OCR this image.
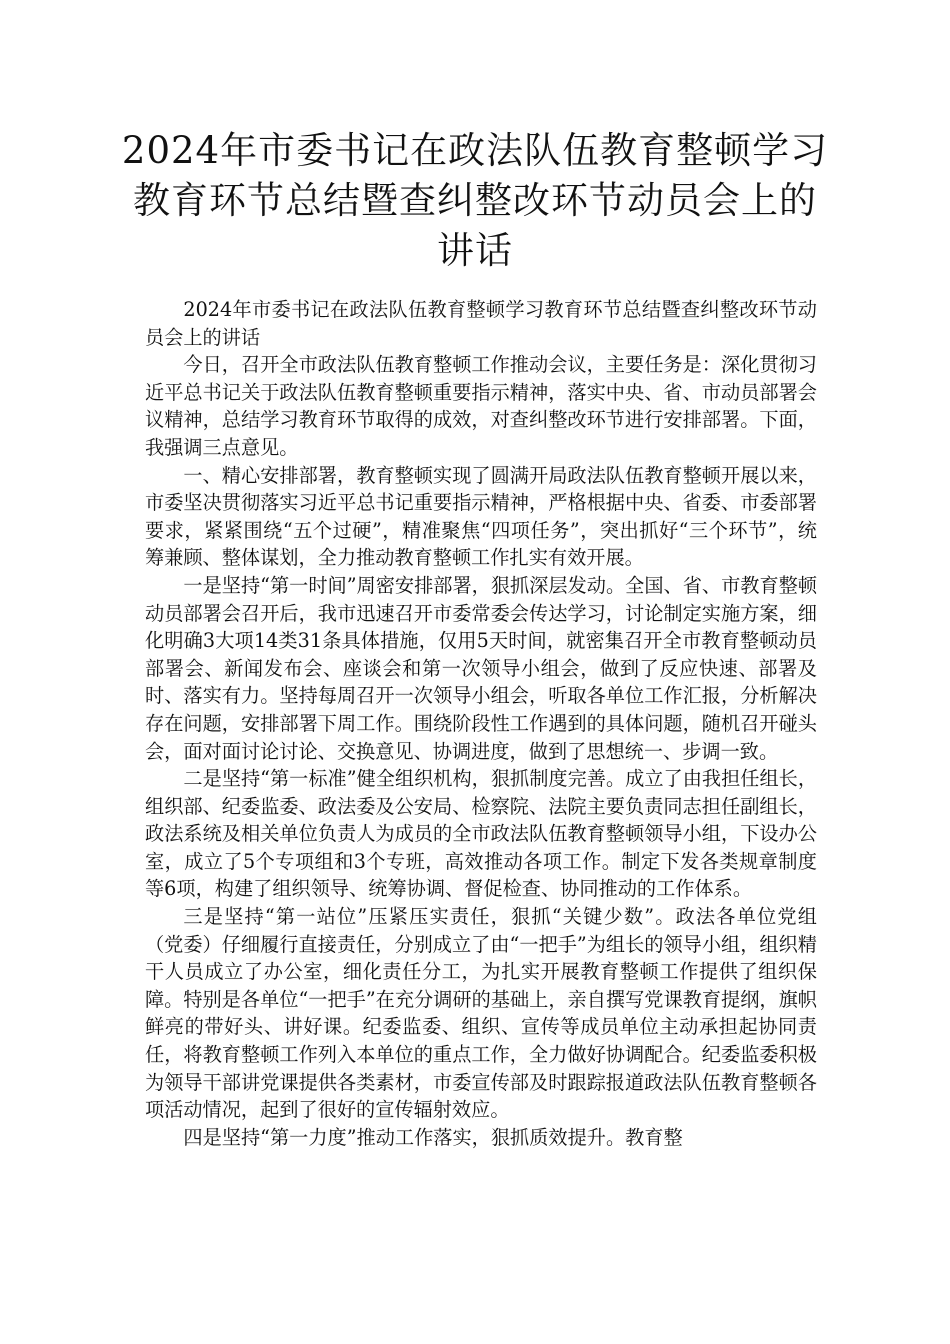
2024年市委书记在政法队伍教育整顿学习
教育环节总结暨查纠整改环节动员会上的
讲话

2024年市委书记在政法队伍教育整顿学习教育环节总结暨查纠整改环节动员会上的讲话

今日，召开全市政法队伍教育整顿工作推动会议，主要任务是：深化贯彻习近平总书记关于政法队伍教育整顿重要指示精神，落实中央、省、市动员部署会议精神，总结学习教育环节取得的成效，对查纠整改环节进行安排部署。下面，我强调三点意见。

一、精心安排部署，教育整顿实现了圆满开局政法队伍教育整顿开展以来，市委坚决贯彻落实习近平总书记重要指示精神，严格根据中央、省委、市委部署要求，紧紧围绕“五个过硬”，精准聚焦“四项任务”，突出抓好“三个环节”，统筹兼顾、整体谋划，全力推动教育整顿工作扎实有效开展。

一是坚持“第一时间”周密安排部署，狠抓深层发动。全国、省、市教育整顿动员部署会召开后，我市迅速召开市委常委会传达学习，讨论制定实施方案，细化明确3大项14类31条具体措施，仅用5天时间，就密集召开全市教育整顿动员部署会、新闻发布会、座谈会和第一次领导小组会，做到了反应快速、部署及时、落实有力。坚持每周召开一次领导小组会，听取各单位工作汇报，分析解决存在问题，安排部署下周工作。围绕阶段性工作遇到的具体问题，随机召开碰头会，面对面讨论讨论、交换意见、协调进度，做到了思想统一、步调一致。

二是坚持“第一标准”健全组织机构，狠抓制度完善。成立了由我担任组长，组织部、纪委监委、政法委及公安局、检察院、法院主要负责同志担任副组长，政法系统及相关单位负责人为成员的全市政法队伍教育整顿领导小组，下设办公室，成立了5个专项组和3个专班，高效推动各项工作。制定下发各类规章制度等6项，构建了组织领导、统筹协调、督促检查、协同推动的工作体系。

三是坚持“第一站位”压紧压实责任，狠抓“关键少数”。政法各单位党组（党委）仔细履行直接责任，分别成立了由“一把手”为组长的领导小组，组织精干人员成立了办公室，细化责任分工，为扎实开展教育整顿工作提供了组织保障。特别是各单位“一把手”在充分调研的基础上，亲自撰写党课教育提纲，旗帜鲜亮的带好头、讲好课。纪委监委、组织、宣传等成员单位主动承担起协同责任，将教育整顿工作列入本单位的重点工作，全力做好协调配合。纪委监委积极为领导干部讲党课提供各类素材，市委宣传部及时跟踪报道政法队伍教育整顿各项活动情况，起到了很好的宣传辐射效应。

四是坚持“第一力度”推动工作落实，狠抓质效提升。教育整
